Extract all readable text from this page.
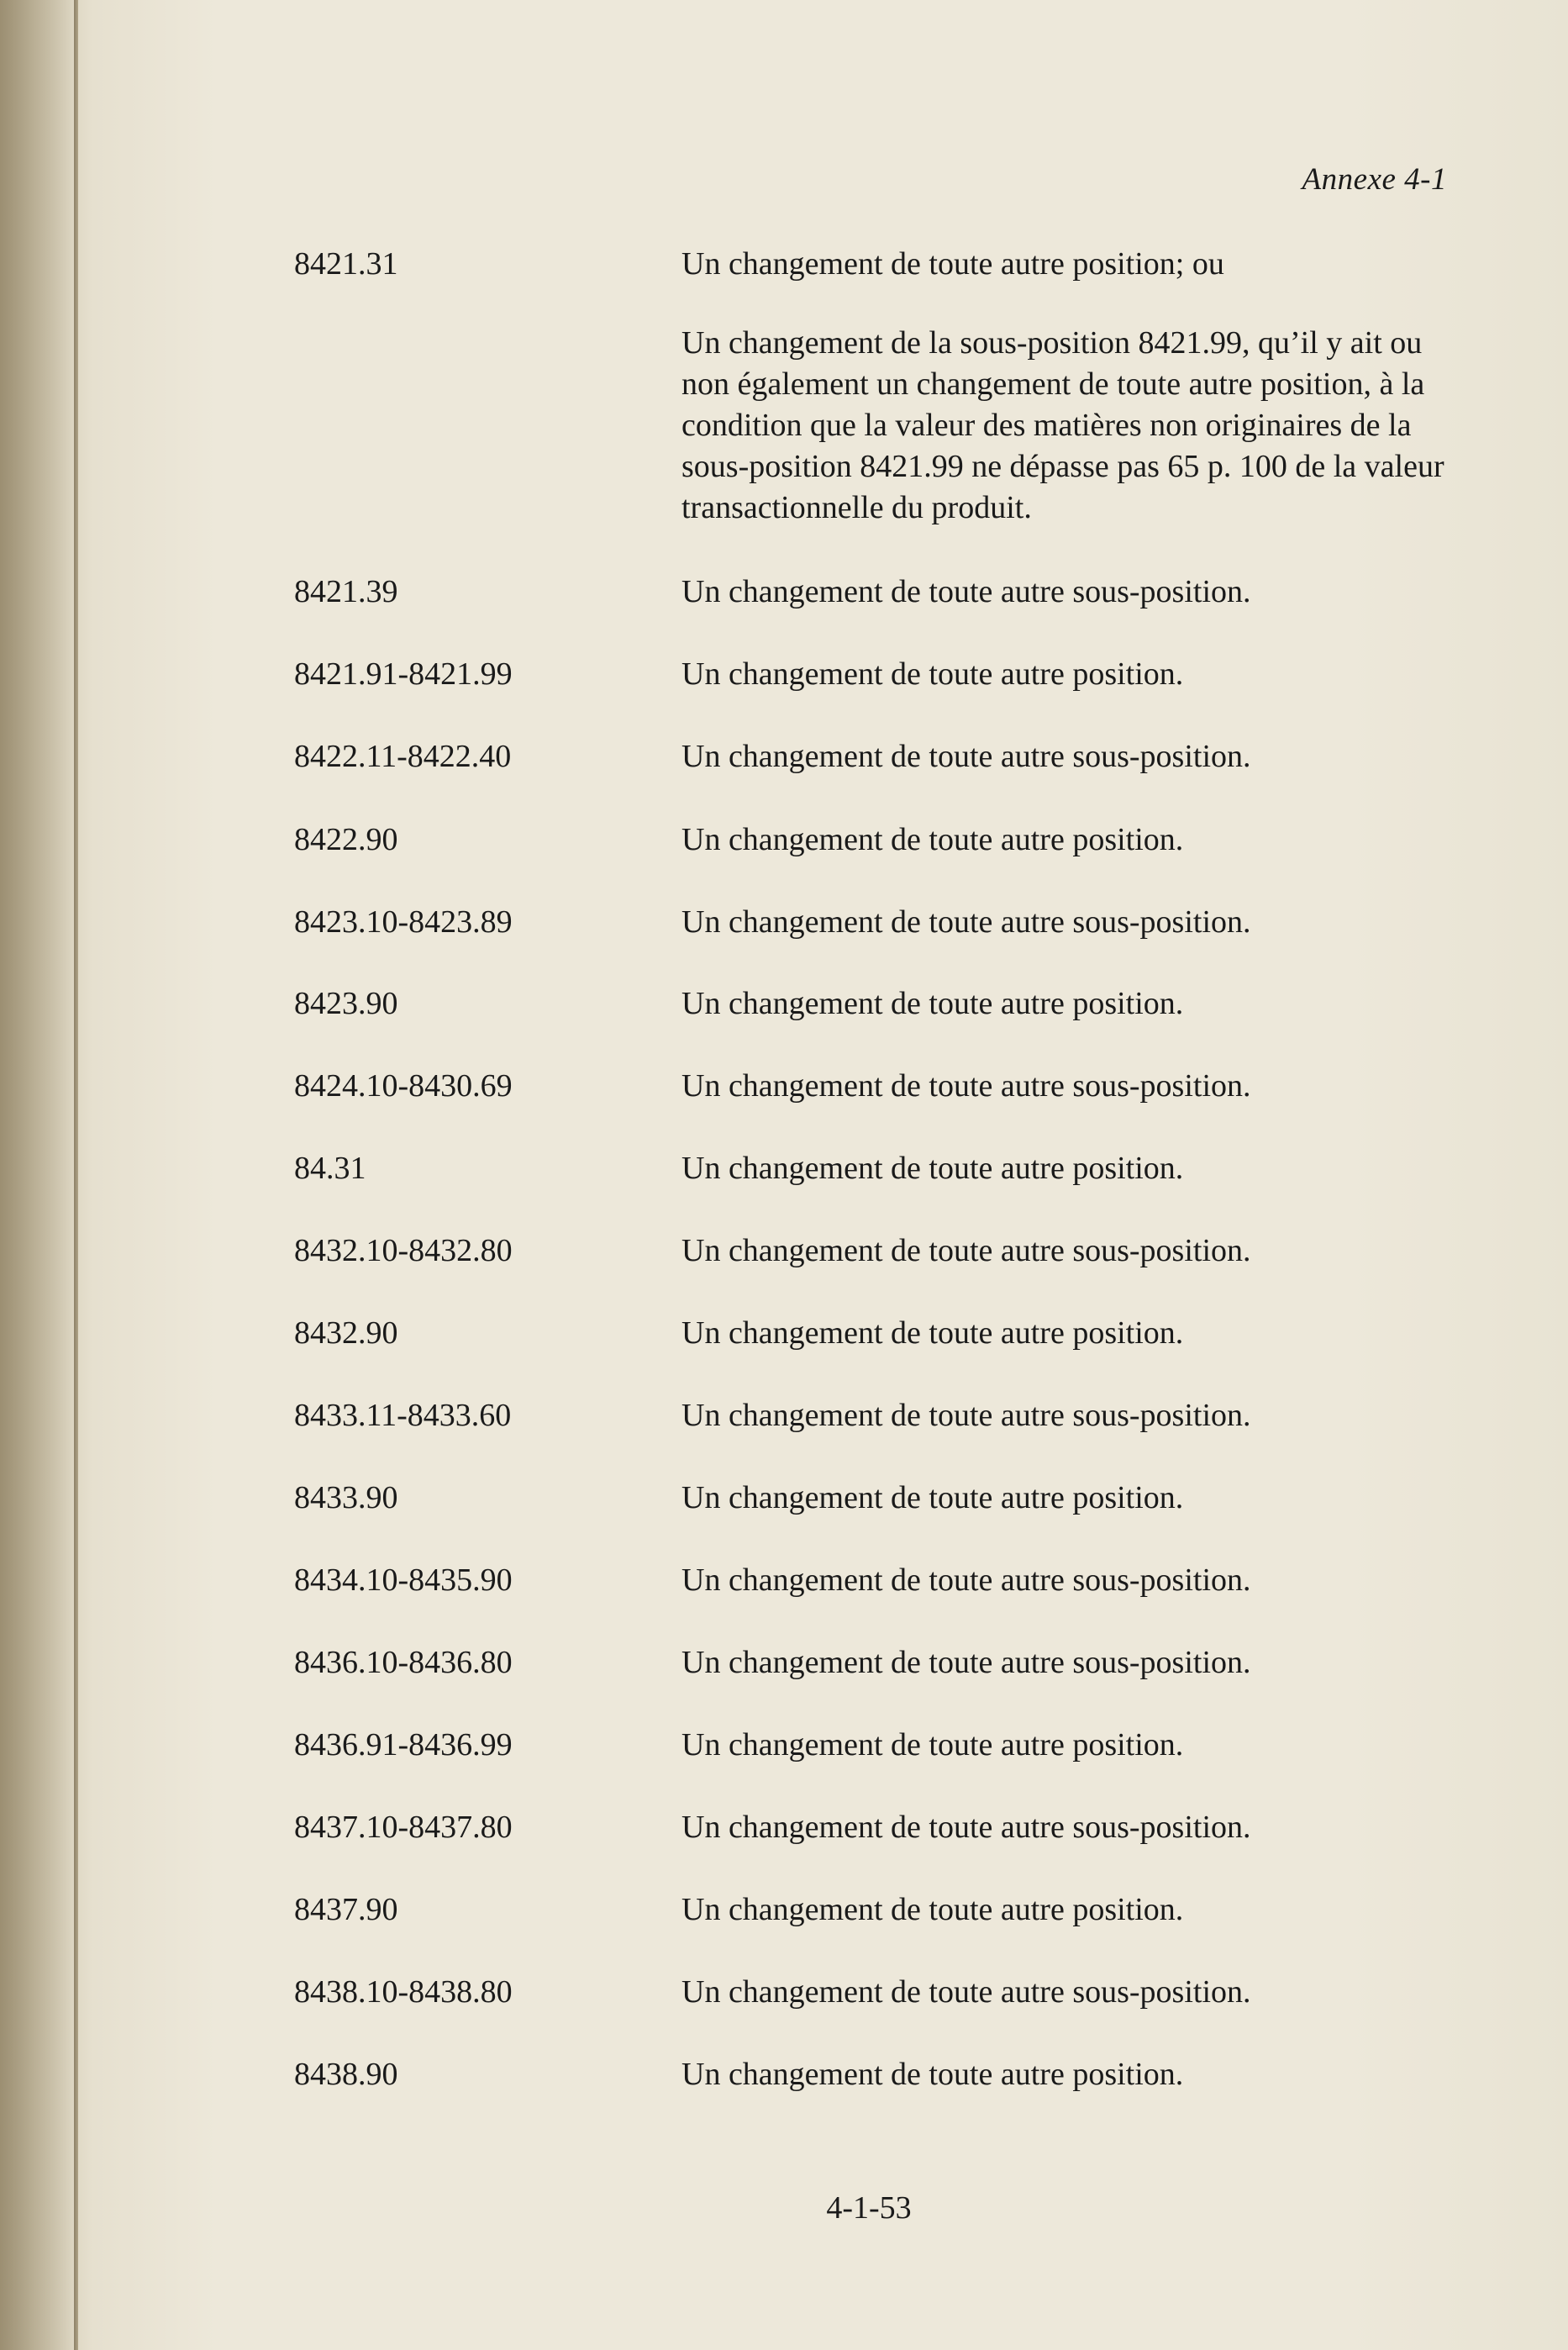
Annexe 4-1
8421.31	Un changement de toute autre position; ou

Un changement de la sous-position 8421.99, qu’il y ait ou non également un changement de toute autre position, à la condition que la valeur des matières non originaires de la sous-position 8421.99 ne dépasse pas 65 p. 100 de la valeur transactionnelle du produit.

8421.39	Un changement de toute autre sous-position.

8421.91-8421.99	Un changement de toute autre position.

8422.11-8422.40	Un changement de toute autre sous-position.

8422.90	Un changement de toute autre position.

8423.10-8423.89	Un changement de toute autre sous-position.

8423.90	Un changement de toute autre position.

8424.10-8430.69	Un changement de toute autre sous-position.

84.31	Un changement de toute autre position.

8432.10-8432.80	Un changement de toute autre sous-position.

8432.90	Un changement de toute autre position.

8433.11-8433.60	Un changement de toute autre sous-position.

8433.90	Un changement de toute autre position.

8434.10-8435.90	Un changement de toute autre sous-position.

8436.10-8436.80	Un changement de toute autre sous-position.

8436.91-8436.99	Un changement de toute autre position.

8437.10-8437.80	Un changement de toute autre sous-position.

8437.90	Un changement de toute autre position.

8438.10-8438.80	Un changement de toute autre sous-position.

8438.90	Un changement de toute autre position.

4-1-53
